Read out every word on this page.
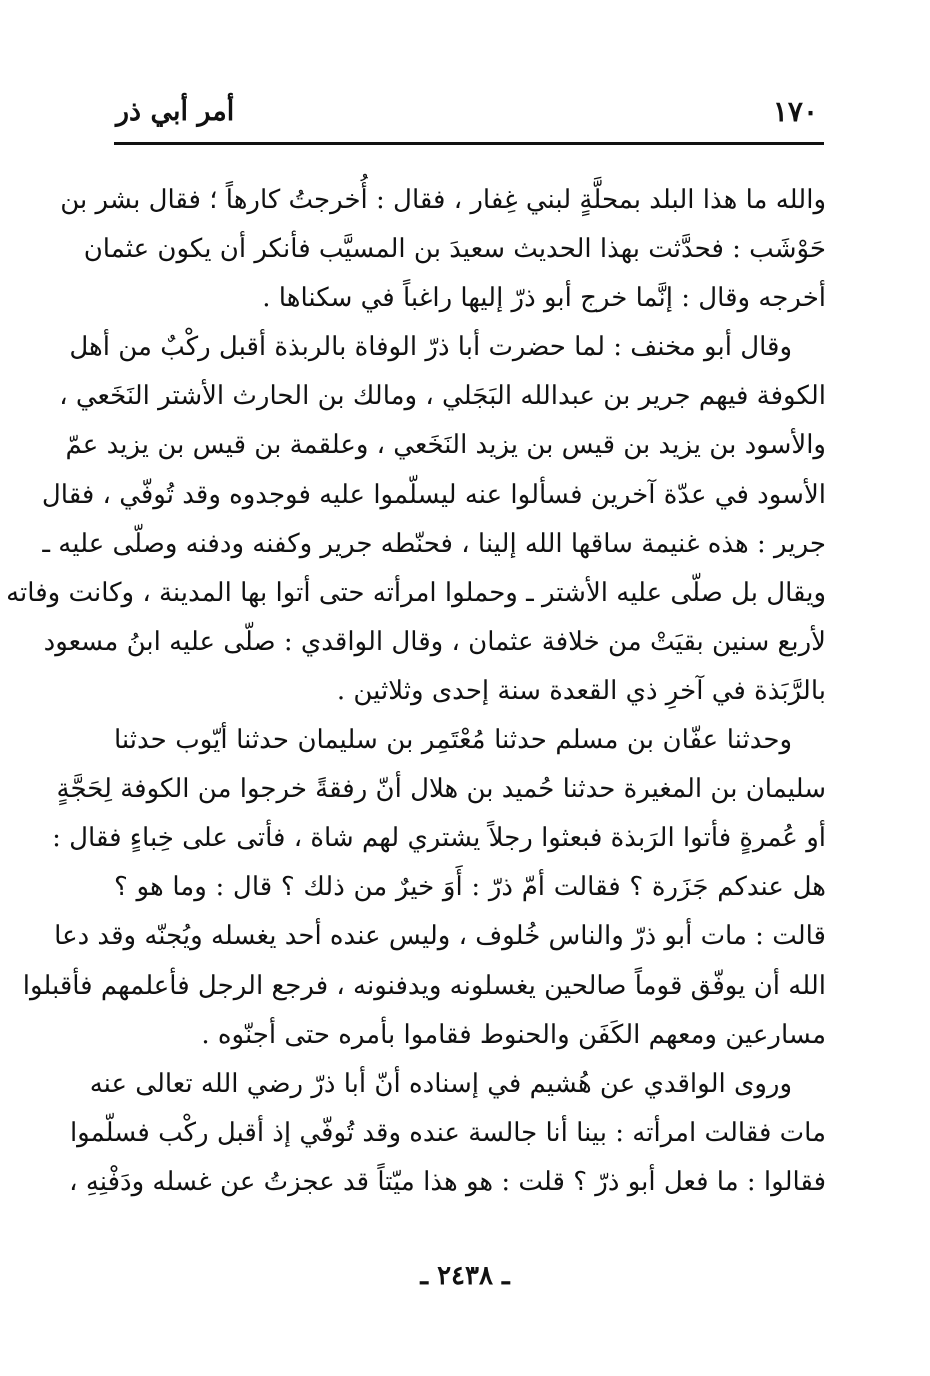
١٧٠
أمر أبي ذر
والله ما هذا البلد بمحلَّةٍ لبني غِفار ، فقال : أُخرجتُ كارهاً ؛ فقال بشر بن
حَوْشَب : فحدَّثت بهذا الحديث سعيدَ بن المسيَّب فأنكر أن يكون عثمان
أخرجه وقال : إنَّما خرج أبو ذرّ إليها راغباً في سكناها .
وقال أبو مخنف : لما حضرت أبا ذرّ الوفاة بالربذة أقبل ركْبٌ من أهل
الكوفة فيهم جرير بن عبدالله البَجَلي ، ومالك بن الحارث الأشتر النَخَعي ،
والأسود بن يزيد بن قيس بن يزيد النَخَعي ، وعلقمة بن قيس بن يزيد عمّ
الأسود في عدّة آخرين فسألوا عنه ليسلّموا عليه فوجدوه وقد تُوفّي ، فقال
جرير : هذه غنيمة ساقها الله إلينا ، فحنّطه جرير وكفنه ودفنه وصلّى عليه ـ
ويقال بل صلّى عليه الأشتر ـ وحملوا امرأته حتى أتوا بها المدينة ، وكانت وفاته
لأربع سنين بقيَتْ من خلافة عثمان ، وقال الواقدي : صلّى عليه ابنُ مسعود
بالرَّبَذة في آخرِ ذي القعدة سنة إحدى وثلاثين .
وحدثنا عفّان بن مسلم حدثنا مُعْتَمِر بن سليمان حدثنا أيّوب حدثنا
سليمان بن المغيرة حدثنا حُميد بن هلال أنّ رفقةً خرجوا من الكوفة لِحَجَّةٍ
أو عُمرةٍ فأتوا الرَبذة فبعثوا رجلاً يشتري لهم شاة ، فأتى على خِباءٍ فقال :
هل عندكم جَزَرة ؟ فقالت أمّ ذرّ : أَوَ خيرٌ من ذلك ؟ قال : وما هو ؟
قالت : مات أبو ذرّ والناس خُلوف ، وليس عنده أحد يغسله ويُجنّه وقد دعا
الله أن يوفّق قوماً صالحين يغسلونه ويدفنونه ، فرجع الرجل فأعلمهم فأقبلوا
مسارعين ومعهم الكَفَن والحنوط فقاموا بأمره حتى أجنّوه .
وروى الواقدي عن هُشيم في إسناده أنّ أبا ذرّ رضي الله تعالى عنه
مات فقالت امرأته : بينا أنا جالسة عنده وقد تُوفّي إذ أقبل ركْب فسلّموا
فقالوا : ما فعل أبو ذرّ ؟ قلت : هو هذا ميّتاً قد عجزتُ عن غسله ودَفْنِهِ ،
ـ ٢٤٣٨ ـ
